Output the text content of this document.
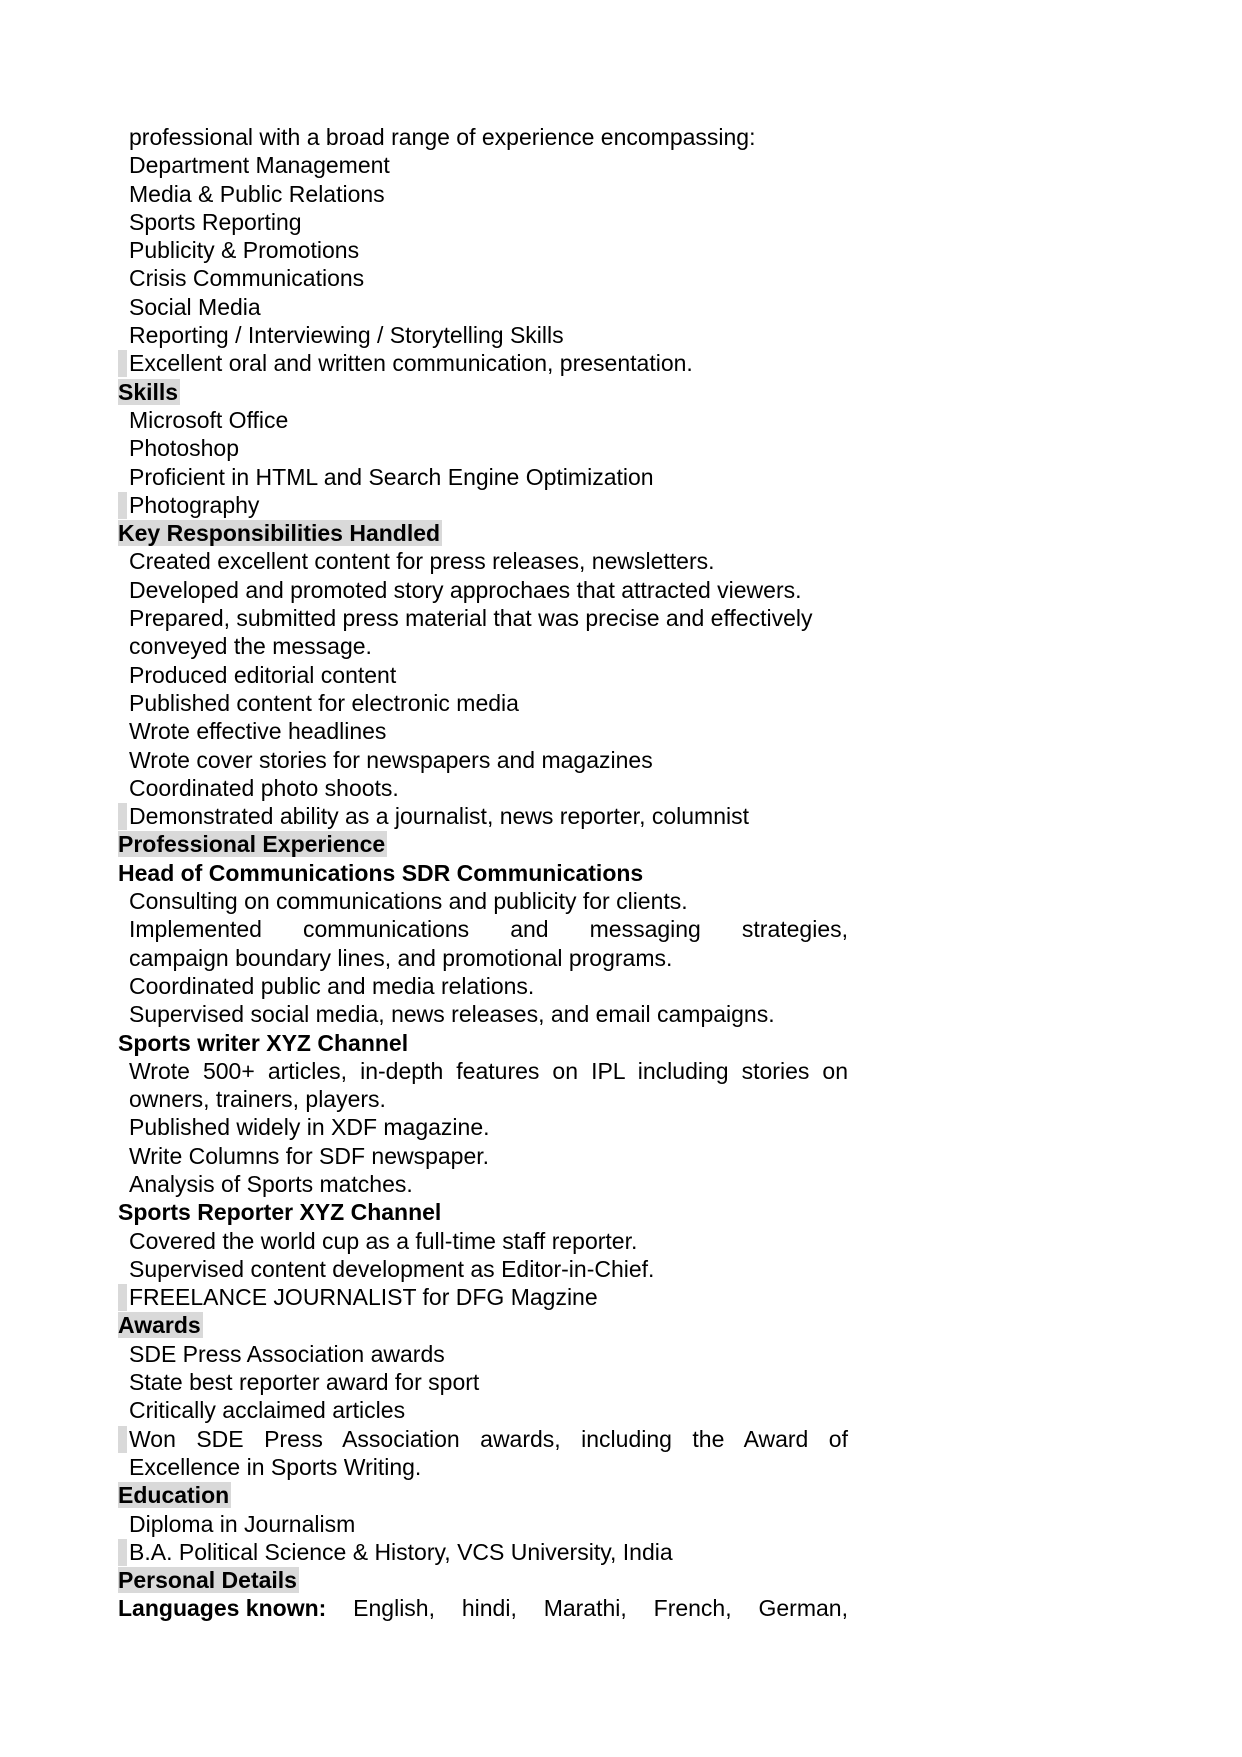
professional with a broad range of experience encompassing:
Department Management
Media & Public Relations
Sports Reporting
Publicity & Promotions
Crisis Communications
Social Media
Reporting / Interviewing / Storytelling Skills
Excellent oral and written communication, presentation.
Skills
Microsoft Office
Photoshop
Proficient in HTML and Search Engine Optimization
Photography
Key Responsibilities Handled
Created excellent content for press releases, newsletters.
Developed and promoted story approchaes that attracted viewers.
Prepared, submitted press material that was precise and effectively
conveyed the message.
Produced editorial content
Published content for electronic media
Wrote effective headlines
Wrote cover stories for newspapers and magazines
Coordinated photo shoots.
Demonstrated ability as a journalist, news reporter, columnist
Professional Experience
Head of Communications SDR Communications
Consulting on communications and publicity for clients.
Implemented communications and messaging strategies,
campaign boundary lines, and promotional programs.
Coordinated public and media relations.
Supervised social media, news releases, and email campaigns.
Sports writer XYZ Channel
Wrote 500+ articles, in-depth features on IPL including stories on
owners, trainers, players.
Published widely in XDF magazine.
Write Columns for SDF newspaper.
Analysis of Sports matches.
Sports Reporter XYZ Channel
Covered the world cup as a full-time staff reporter.
Supervised content development as Editor-in-Chief.
FREELANCE JOURNALIST for DFG Magzine
Awards
SDE Press Association awards
State best reporter award for sport
Critically acclaimed articles
Won SDE Press Association awards, including the Award of
Excellence in Sports Writing.
Education
Diploma in Journalism
B.A. Political Science & History, VCS University, India
Personal Details
Languages known: English, hindi, Marathi, French, German,
